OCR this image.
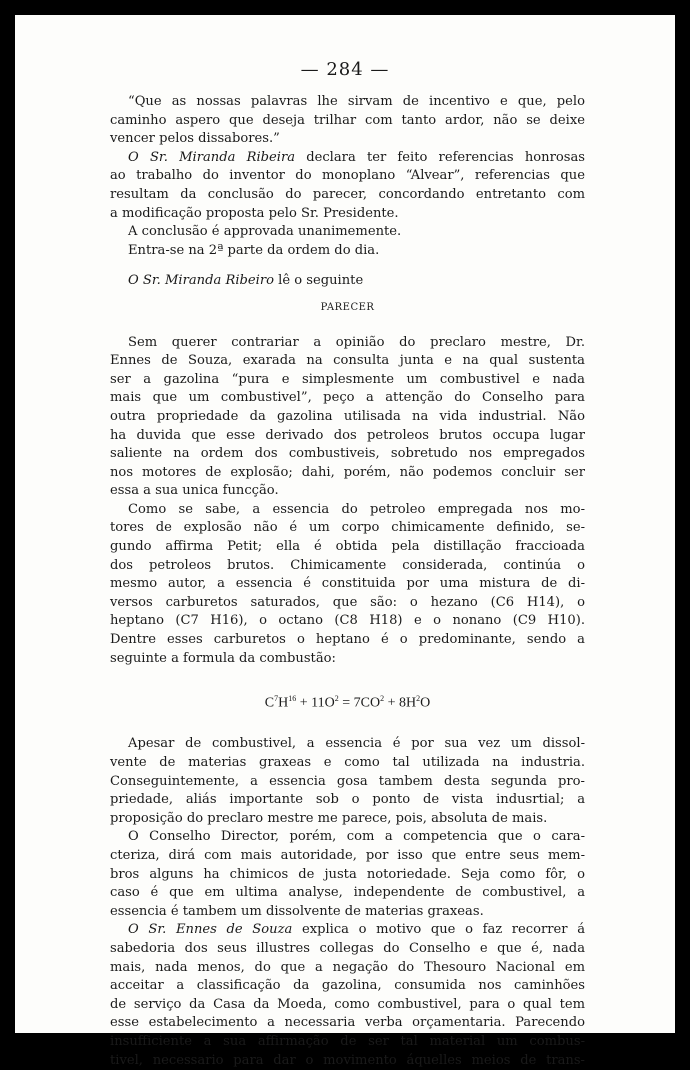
— 284 —
“Que as nossas palavras lhe sirvam de incentivo e que, pelo
caminho aspero que deseja trilhar com tanto ardor, não se deixe
vencer pelos dissabores.”
O Sr. Miranda Ribeira declara ter feito referencias honrosas
ao trabalho do inventor do monoplano “Alvear”, referencias que
resultam da conclusão do parecer, concordando entretanto com
a modificação proposta pelo Sr. Presidente.
A conclusão é approvada unanimemente.
Entra-se na 2ª parte da ordem do dia.
O Sr. Miranda Ribeiro lê o seguinte
PARECER
Sem querer contrariar a opinião do preclaro mestre, Dr.
Ennes de Souza, exarada na consulta junta e na qual sustenta
ser a gazolina “pura e simplesmente um combustivel e nada
mais que um combustivel”, peço a attenção do Conselho para
outra propriedade da gazolina utilisada na vida industrial. Não
ha duvida que esse derivado dos petroleos brutos occupa lugar
saliente na ordem dos combustiveis, sobretudo nos empregados
nos motores de explosão; dahi, porém, não podemos concluir ser
essa a sua unica funcção.
Como se sabe, a essencia do petroleo empregada nos mo-
tores de explosão não é um corpo chimicamente definido, se-
gundo affirma Petit; ella é obtida pela distillação fraccioada
dos petroleos brutos. Chimicamente considerada, continúa o
mesmo autor, a essencia é constituida por uma mistura de di-
versos carburetos saturados, que são: o hezano (C6 H14), o
heptano (C7 H16), o octano (C8 H18) e o nonano (C9 H10).
Dentre esses carburetos o heptano é o predominante, sendo a
seguinte a formula da combustão:
$C^7H^{16} + 11O^2 = 7CO^2 + 8H^2O$
Apesar de combustivel, a essencia é por sua vez um dissol-
vente de materias graxeas e como tal utilizada na industria.
Conseguintemente, a essencia gosa tambem desta segunda pro-
priedade, aliás importante sob o ponto de vista indusrtial; a
proposição do preclaro mestre me parece, pois, absoluta de mais.
O Conselho Director, porém, com a competencia que o cara-
cteriza, dirá com mais autoridade, por isso que entre seus mem-
bros alguns ha chimicos de justa notoriedade. Seja como fôr, o
caso é que em ultima analyse, independente de combustivel, a
essencia é tambem um dissolvente de materias graxeas.
O Sr. Ennes de Souza explica o motivo que o faz recorrer á
sabedoria dos seus illustres collegas do Conselho e que é, nada
mais, nada menos, do que a negação do Thesouro Nacional em
acceitar a classificação da gazolina, consumida nos caminhões
de serviço da Casa da Moeda, como combustivel, para o qual tem
esse estabelecimento a necessaria verba orçamentaria. Parecendo
insufficiente a sua affirmação de ser tal material um combus-
tivel, necessario para dar o movimento áquelles meios de trans-
